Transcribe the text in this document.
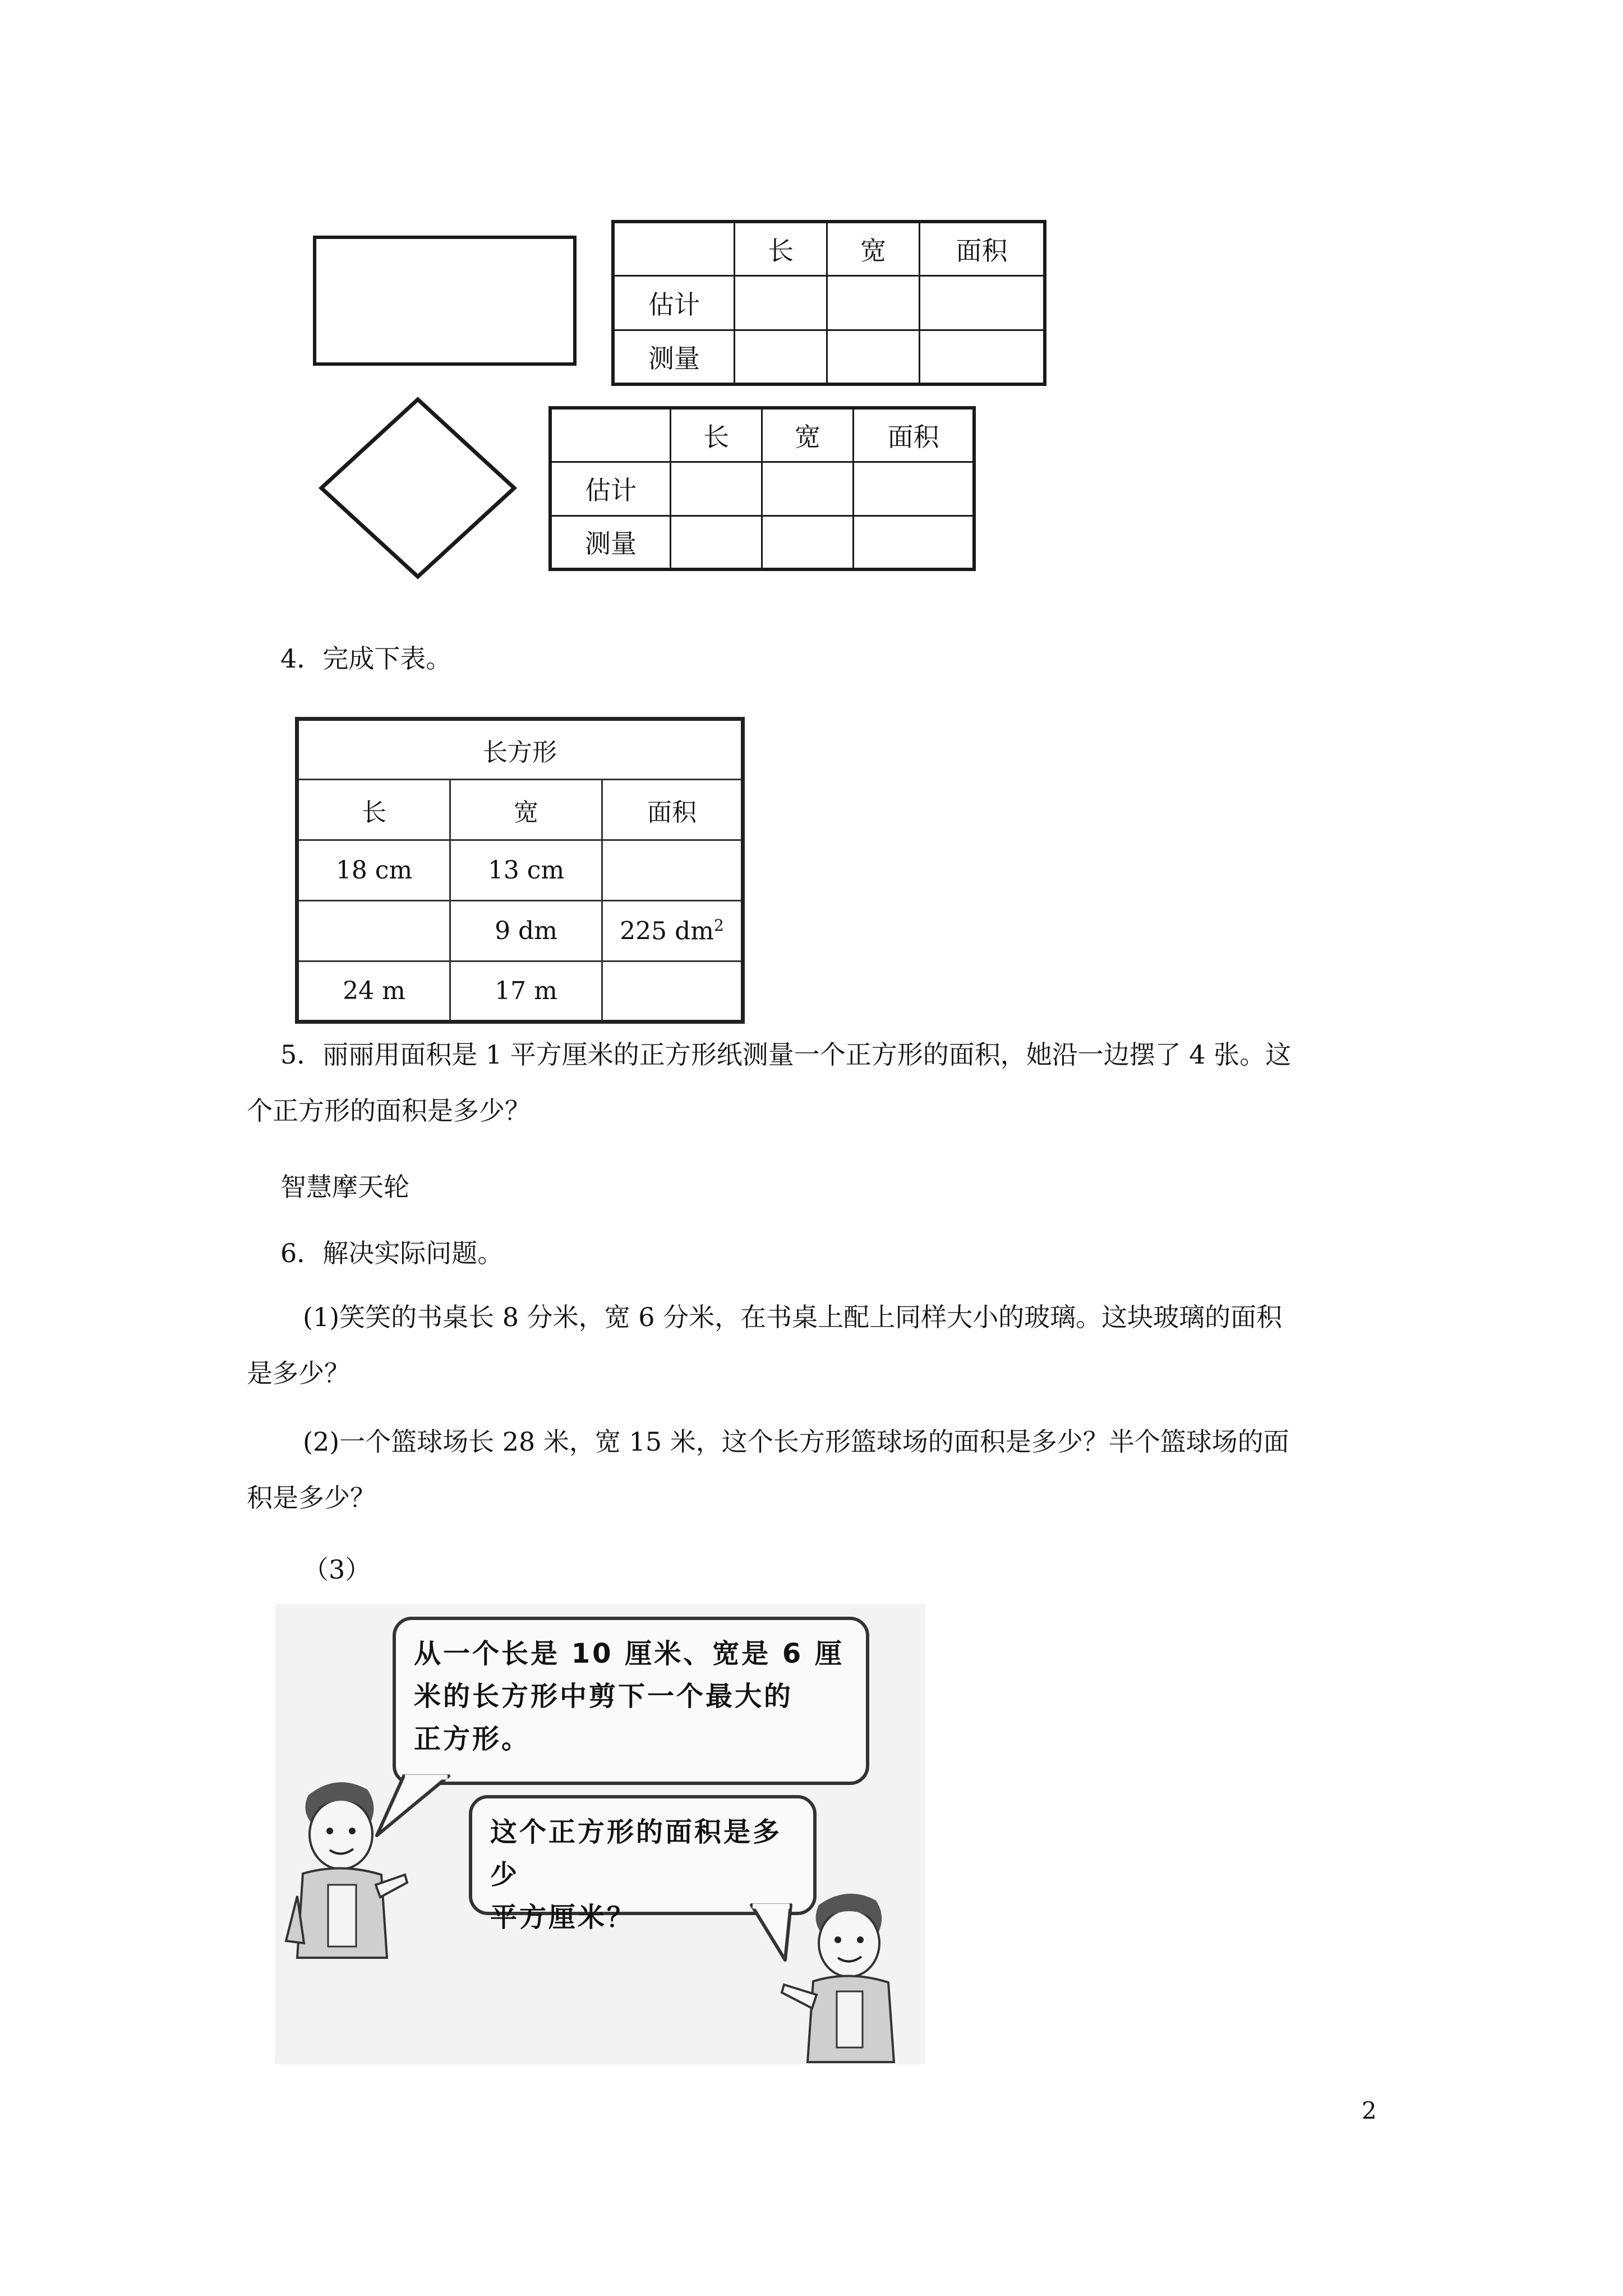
	长	宽	面积
估计			
测量			
	长	宽	面积
估计			
测量			
4．完成下表。
长方形		
长	宽	面积
18 cm	13 cm	
	9 dm	225 $dm^2$
24 m	17 m	
5．丽丽用面积是 1 平方厘米的正方形纸测量一个正方形的面积，她沿一边摆了 4 张。这
个正方形的面积是多少？
智慧摩天轮
6．解决实际问题。
(1)笑笑的书桌长 8 分米，宽 6 分米，在书桌上配上同样大小的玻璃。这块玻璃的面积
是多少？
(2)一个篮球场长 28 米，宽 15 米，这个长方形篮球场的面积是多少？半个篮球场的面
积是多少？
（3）
从一个长是 10 厘米、宽是 6 厘
米的长方形中剪下一个最大的
正方形。
这个正方形的面积是多少
平方厘米？
2
